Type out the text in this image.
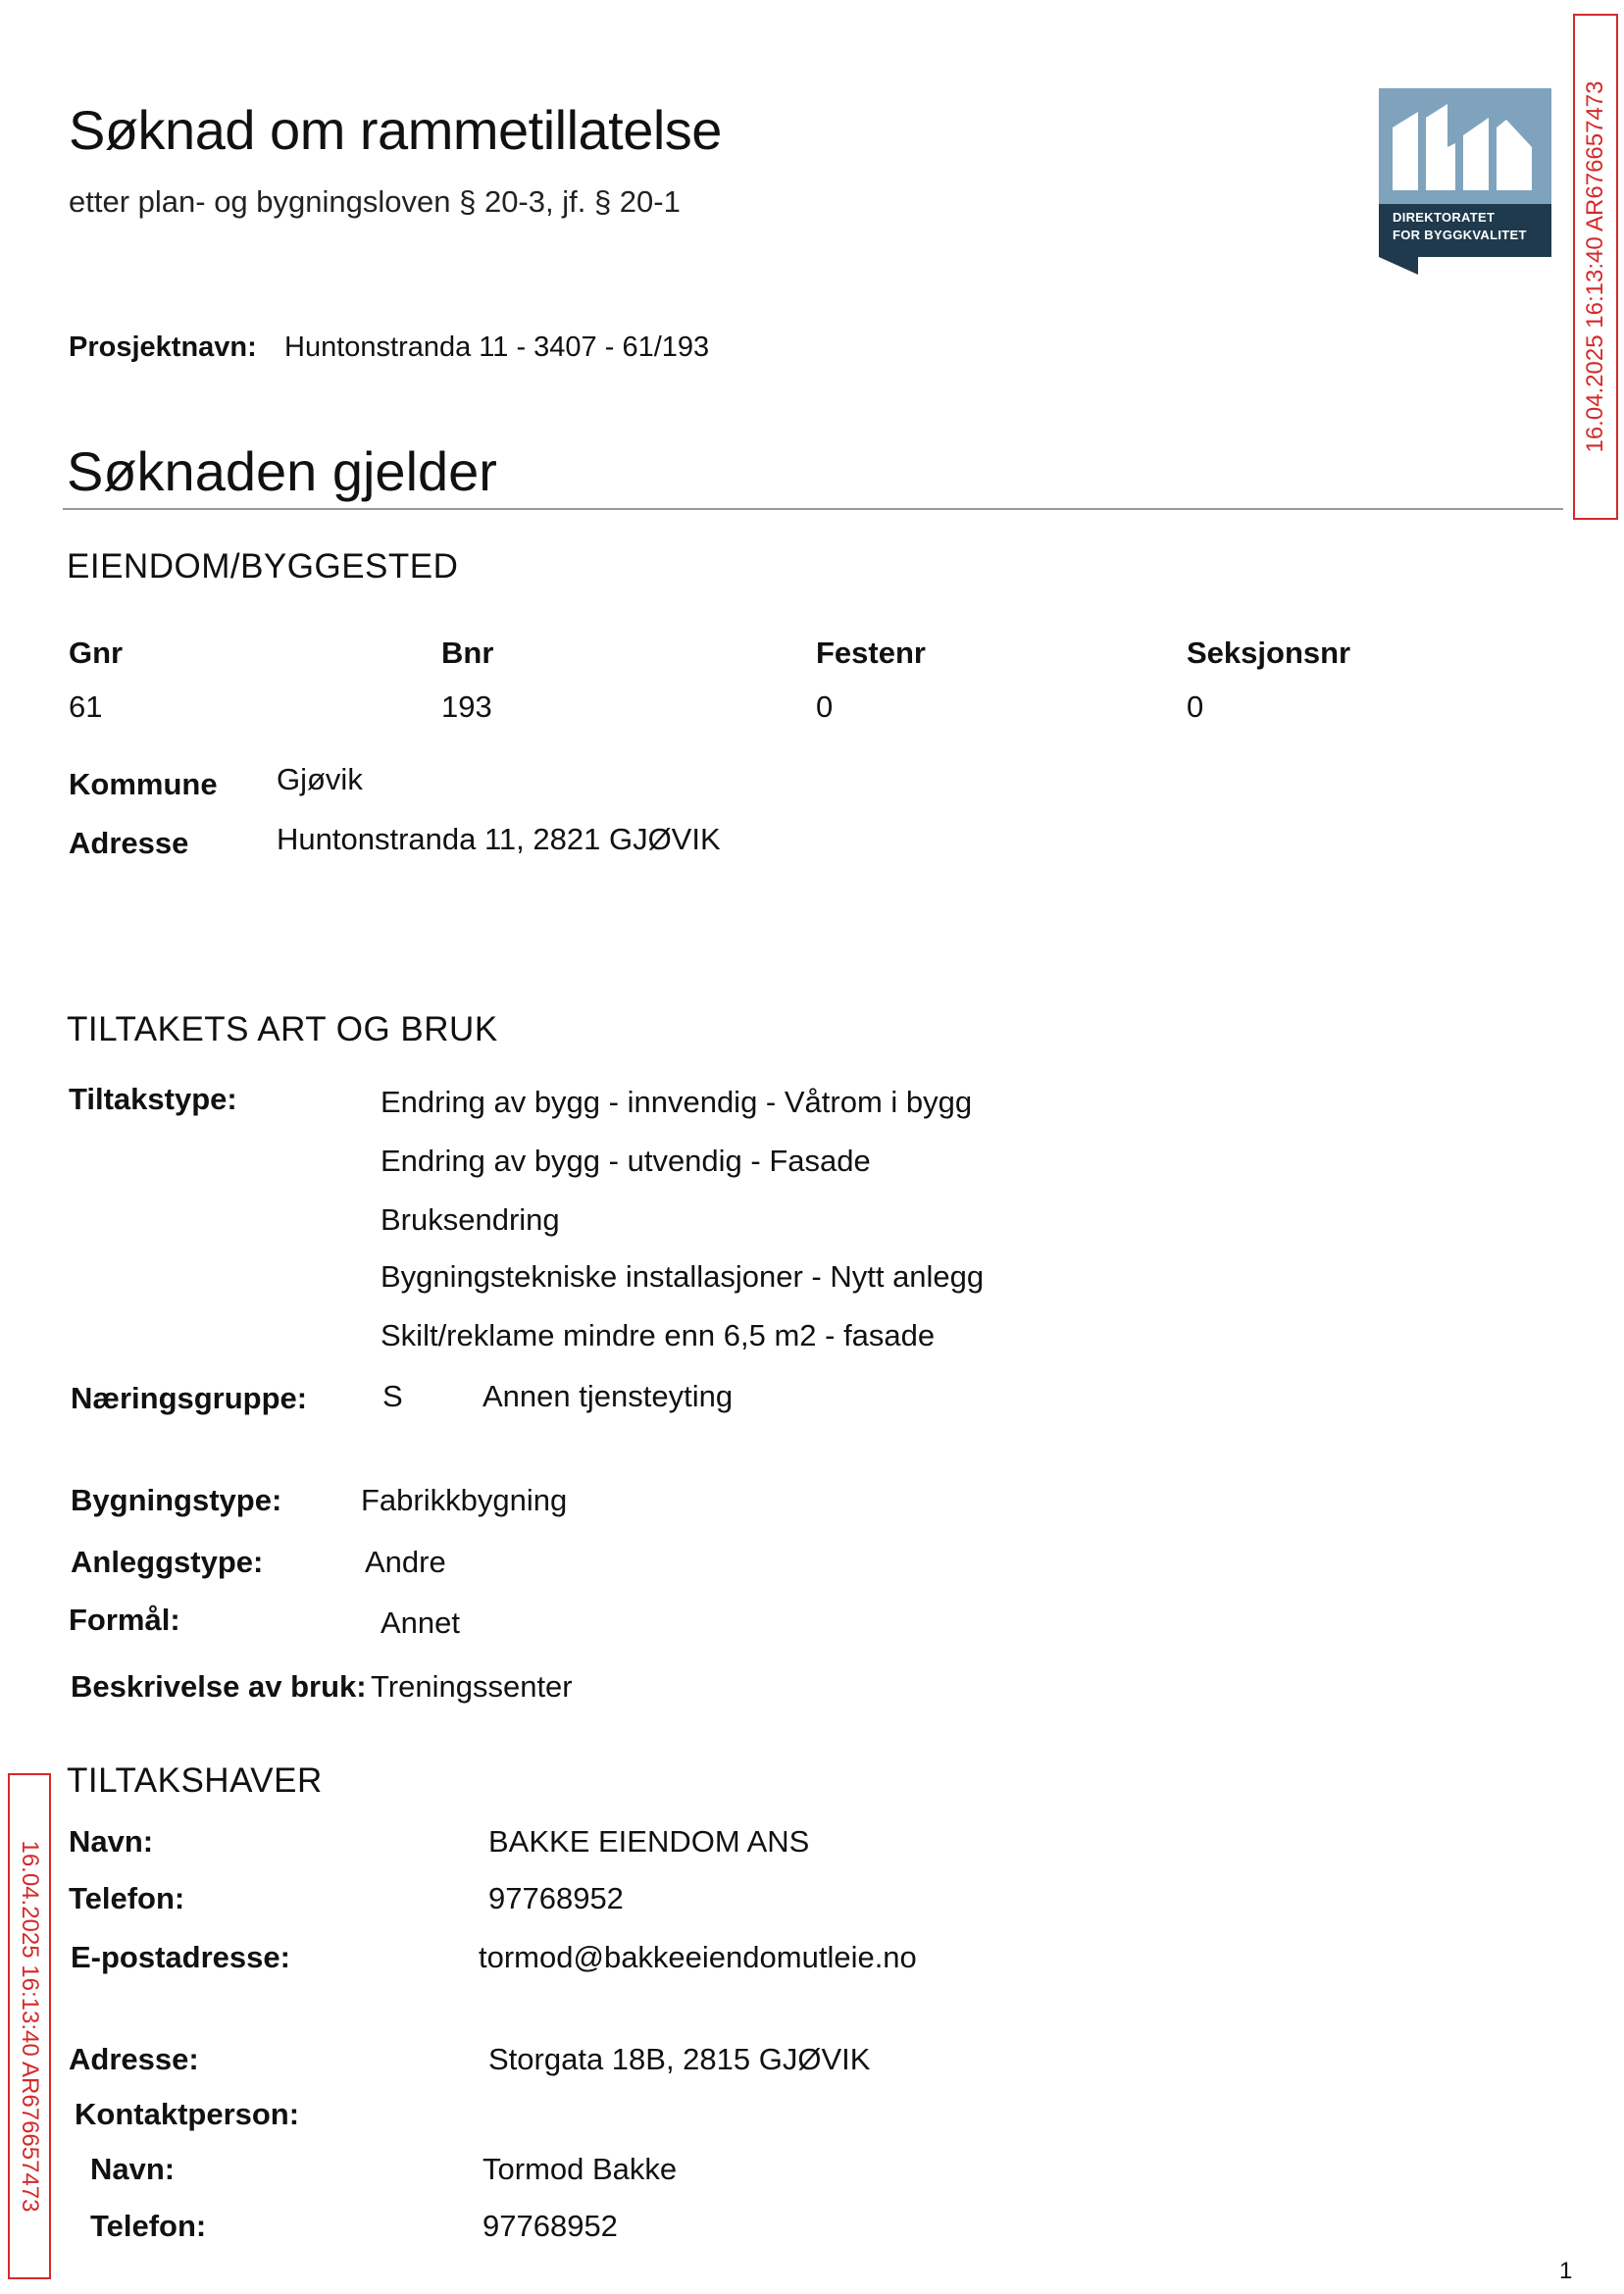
Søknad om rammetillatelse
etter plan- og bygningsloven § 20-3, jf. § 20-1	DIREKTORATET
FOR BYGGKVALITET
Prosjektnavn: Huntonstranda 11 - 3407 - 61/193
Søknaden gjelder
EIENDOM/BYGGESTED
Gnr	Bnr	Festenr	Seksjonsnr
61	193	0	0
Kommune Gjøvik
Adresse	Huntonstranda 11, 2821 GJØVIK
TILTAKETS ART OG BRUK
Tiltakstype:	Endring av bygg - innvendig - Våtrom i bygg
Endring av bygg - utvendig - Fasade
Bruksendring
Bygningstekniske installasjoner - Nytt anlegg
Skilt/reklame mindre enn 6,5 m2 - fasade
Næringsgruppe: S	Annen tjensteyting
Bygningstype:	Fabrikkbygning
Anleggstype:	Andre
Formål:	Annet
Beskrivelse av bruk: Treningssenter
TILTAKSHAVER
Navn:	BAKKE EIENDOM ANS
Telefon:	97768952
E-postadresse:	tormod@bakkeeiendomutleie.no
Adresse:	Storgata 18B, 2815 GJØVIK
Kontaktperson:
Navn:	Tormod Bakke
Telefon:	97768952
16.04.2025 16:13:40 AR676657473
16.04.2025 16:13:40 AR676657473
1
